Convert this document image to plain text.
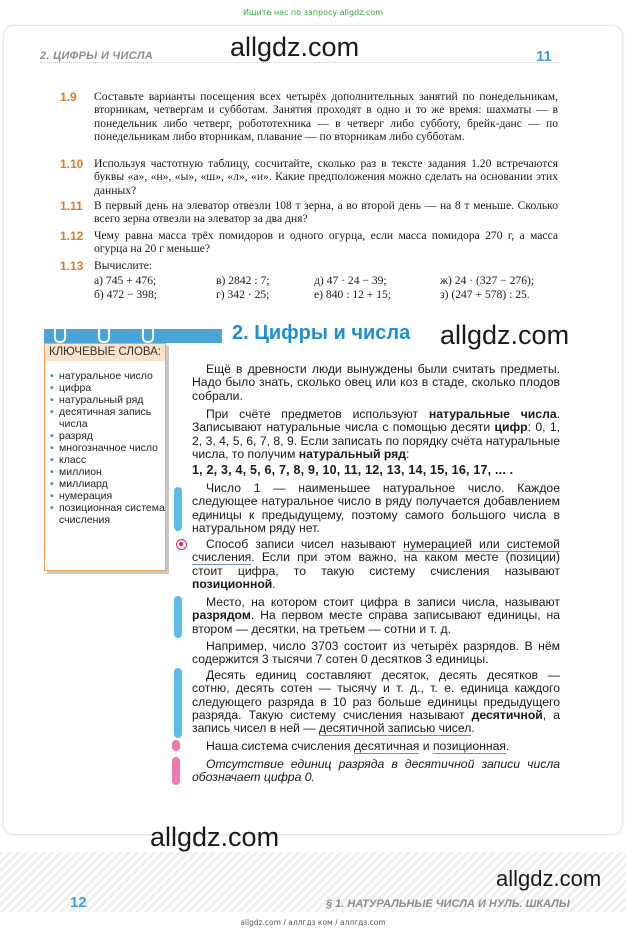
Ищите нас по запросу allgdz.com
2. ЦИФРЫ И ЧИСЛА	11
allgdz.com
1.9 Составьте варианты посещения всех четырёх дополнительных занятий по понедельникам, вторникам, четвергам и субботам. Занятия проходят в одно и то же время: шахматы — в понедельник либо четверг, робототехника — в четверг либо субботу, брейк-данс — по понедельникам либо вторникам, плавание — по вторникам либо субботам.
1.10 Используя частотную таблицу, сосчитайте, сколько раз в тексте задания 1.20 встречаются буквы «а», «н», «ы», «ш», «л», «и». Какие предположения можно сделать на основании этих данных?
1.11 В первый день на элеватор отвезли 108 т зерна, а во второй день — на 8 т меньше. Сколько всего зерна отвезли на элеватор за два дня?
1.12 Чему равна масса трёх помидоров и одного огурца, если масса помидора 270 г, а масса огурца на 20 г меньше?
1.13 Вычислите:
а) 745 + 476;	в) 2842 : 7;	д) 47 · 24 − 39;	ж) 24 · (327 − 276);
б) 472 − 398;	г) 342 · 25;	е) 840 : 12 + 15;	з) (247 + 578) : 25.
2. Цифры и числа allgdz.com
КЛЮЧЕВЫЕ СЛОВА:
• натуральное число
• цифра
• натуральный ряд
• десятичная запись числа
• разряд
• многозначное число
• класс
• миллион
• миллиард
• нумерация
• позиционная система счисления
Ещё в древности люди вынуждены были считать предметы. Надо было знать, сколько овец или коз в стаде, сколько плодов собрали.
При счёте предметов используют натуральные числа. Записывают натуральные числа с помощью десяти цифр: 0, 1, 2, 3, 4, 5, 6, 7, 8, 9. Если записать по порядку счёта натуральные числа, то получим натуральный ряд:
1, 2, 3, 4, 5, 6, 7, 8, 9, 10, 11, 12, 13, 14, 15, 16, 17, ... .
Число 1 — наименьшее натуральное число. Каждое следующее натуральное число в ряду получается добавлением единицы к предыдущему, поэтому самого большого числа в натуральном ряду нет.
Способ записи чисел называют нумерацией или системой счисления. Если при этом важно, на каком месте (позиции) стоит цифра, то такую систему счисления называют позиционной.
Место, на котором стоит цифра в записи числа, называют разрядом. На первом месте справа записывают единицы, на втором — десятки, на третьем — сотни и т. д.
Например, число 3703 состоит из четырёх разрядов. В нём содержится 3 тысячи 7 сотен 0 десятков 3 единицы.
Десять единиц составляют десяток, десять десятков — сотню, десять сотен — тысячу и т. д., т. е. единица каждого следующего разряда в 10 раз больше единицы предыдущего разряда. Такую систему счисления называют десятичной, а запись чисел в ней — десятичной записью чисел.
Наша система счисления десятичная и позиционная.
Отсутствие единиц разряда в десятичной записи числа обозначает цифра 0.
allgdz.com
12	§ 1. НАТУРАЛЬНЫЕ ЧИСЛА И НУЛЬ. ШКАЛЫ
allgdz.com
allgdz.com / аллгдз ком / аллгдз.com
